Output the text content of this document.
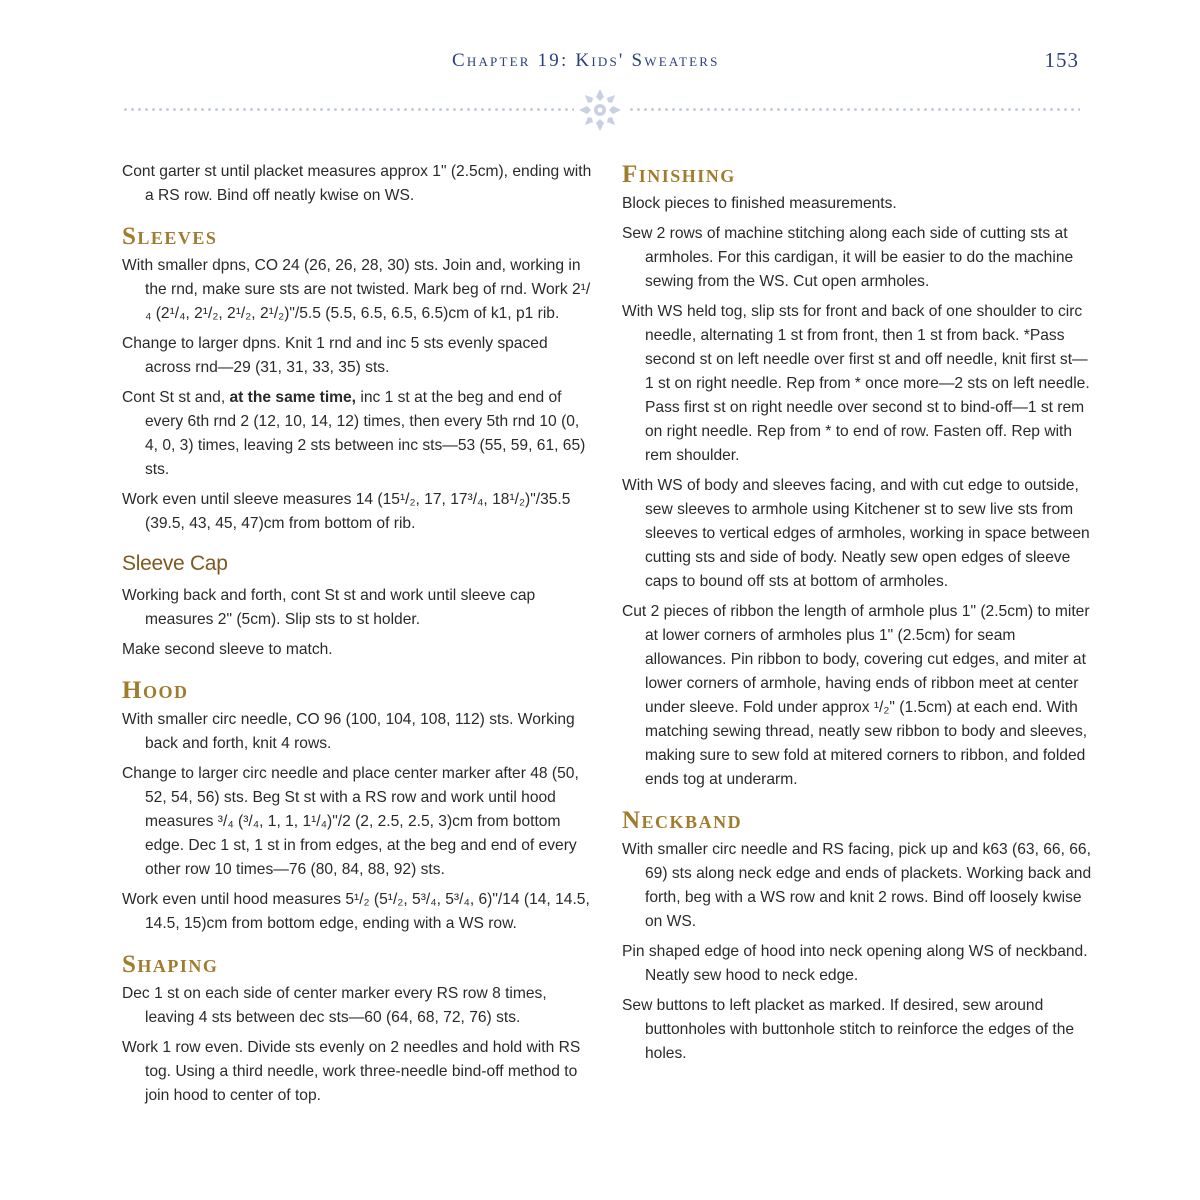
Chapter 19: Kids' Sweaters	153

Cont garter st until placket measures approx 1" (2.5cm), ending with a RS row. Bind off neatly kwise on WS.

Sleeves

With smaller dpns, CO 24 (26, 26, 28, 30) sts. Join and, working in the rnd, make sure sts are not twisted. Mark beg of rnd. Work 2¹/₄ (2¹/₄, 2¹/₂, 2¹/₂, 2¹/₂)"/5.5 (5.5, 6.5, 6.5, 6.5)cm of k1, p1 rib.

Change to larger dpns. Knit 1 rnd and inc 5 sts evenly spaced across rnd—29 (31, 31, 33, 35) sts.

Cont St st and, at the same time, inc 1 st at the beg and end of every 6th rnd 2 (12, 10, 14, 12) times, then every 5th rnd 10 (0, 4, 0, 3) times, leaving 2 sts between inc sts—53 (55, 59, 61, 65) sts.

Work even until sleeve measures 14 (15¹/₂, 17, 17³/₄, 18¹/₂)"/35.5 (39.5, 43, 45, 47)cm from bottom of rib.

Sleeve Cap

Working back and forth, cont St st and work until sleeve cap measures 2" (5cm). Slip sts to st holder.

Make second sleeve to match.

Hood

With smaller circ needle, CO 96 (100, 104, 108, 112) sts. Working back and forth, knit 4 rows.

Change to larger circ needle and place center marker after 48 (50, 52, 54, 56) sts. Beg St st with a RS row and work until hood measures ³/₄ (³/₄, 1, 1, 1¹/₄)"/2 (2, 2.5, 2.5, 3)cm from bottom edge. Dec 1 st, 1 st in from edges, at the beg and end of every other row 10 times—76 (80, 84, 88, 92) sts.

Work even until hood measures 5¹/₂ (5¹/₂, 5³/₄, 5³/₄, 6)"/14 (14, 14.5, 14.5, 15)cm from bottom edge, ending with a WS row.

Shaping

Dec 1 st on each side of center marker every RS row 8 times, leaving 4 sts between dec sts—60 (64, 68, 72, 76) sts.

Work 1 row even. Divide sts evenly on 2 needles and hold with RS tog. Using a third needle, work three-needle bind-off method to join hood to center of top.

Finishing

Block pieces to finished measurements.

Sew 2 rows of machine stitching along each side of cutting sts at armholes. For this cardigan, it will be easier to do the machine sewing from the WS. Cut open armholes.

With WS held tog, slip sts for front and back of one shoulder to circ needle, alternating 1 st from front, then 1 st from back. *Pass second st on left needle over first st and off needle, knit first st—1 st on right needle. Rep from * once more—2 sts on left needle. Pass first st on right needle over second st to bind-off—1 st rem on right needle. Rep from * to end of row. Fasten off. Rep with rem shoulder.

With WS of body and sleeves facing, and with cut edge to outside, sew sleeves to armhole using Kitchener st to sew live sts from sleeves to vertical edges of armholes, working in space between cutting sts and side of body. Neatly sew open edges of sleeve caps to bound off sts at bottom of armholes.

Cut 2 pieces of ribbon the length of armhole plus 1" (2.5cm) to miter at lower corners of armholes plus 1" (2.5cm) for seam allowances. Pin ribbon to body, covering cut edges, and miter at lower corners of armhole, having ends of ribbon meet at center under sleeve. Fold under approx ¹/₂" (1.5cm) at each end. With matching sewing thread, neatly sew ribbon to body and sleeves, making sure to sew fold at mitered corners to ribbon, and folded ends tog at underarm.

Neckband

With smaller circ needle and RS facing, pick up and k63 (63, 66, 66, 69) sts along neck edge and ends of plackets. Working back and forth, beg with a WS row and knit 2 rows. Bind off loosely kwise on WS.

Pin shaped edge of hood into neck opening along WS of neckband. Neatly sew hood to neck edge.

Sew buttons to left placket as marked. If desired, sew around buttonholes with buttonhole stitch to reinforce the edges of the holes.
